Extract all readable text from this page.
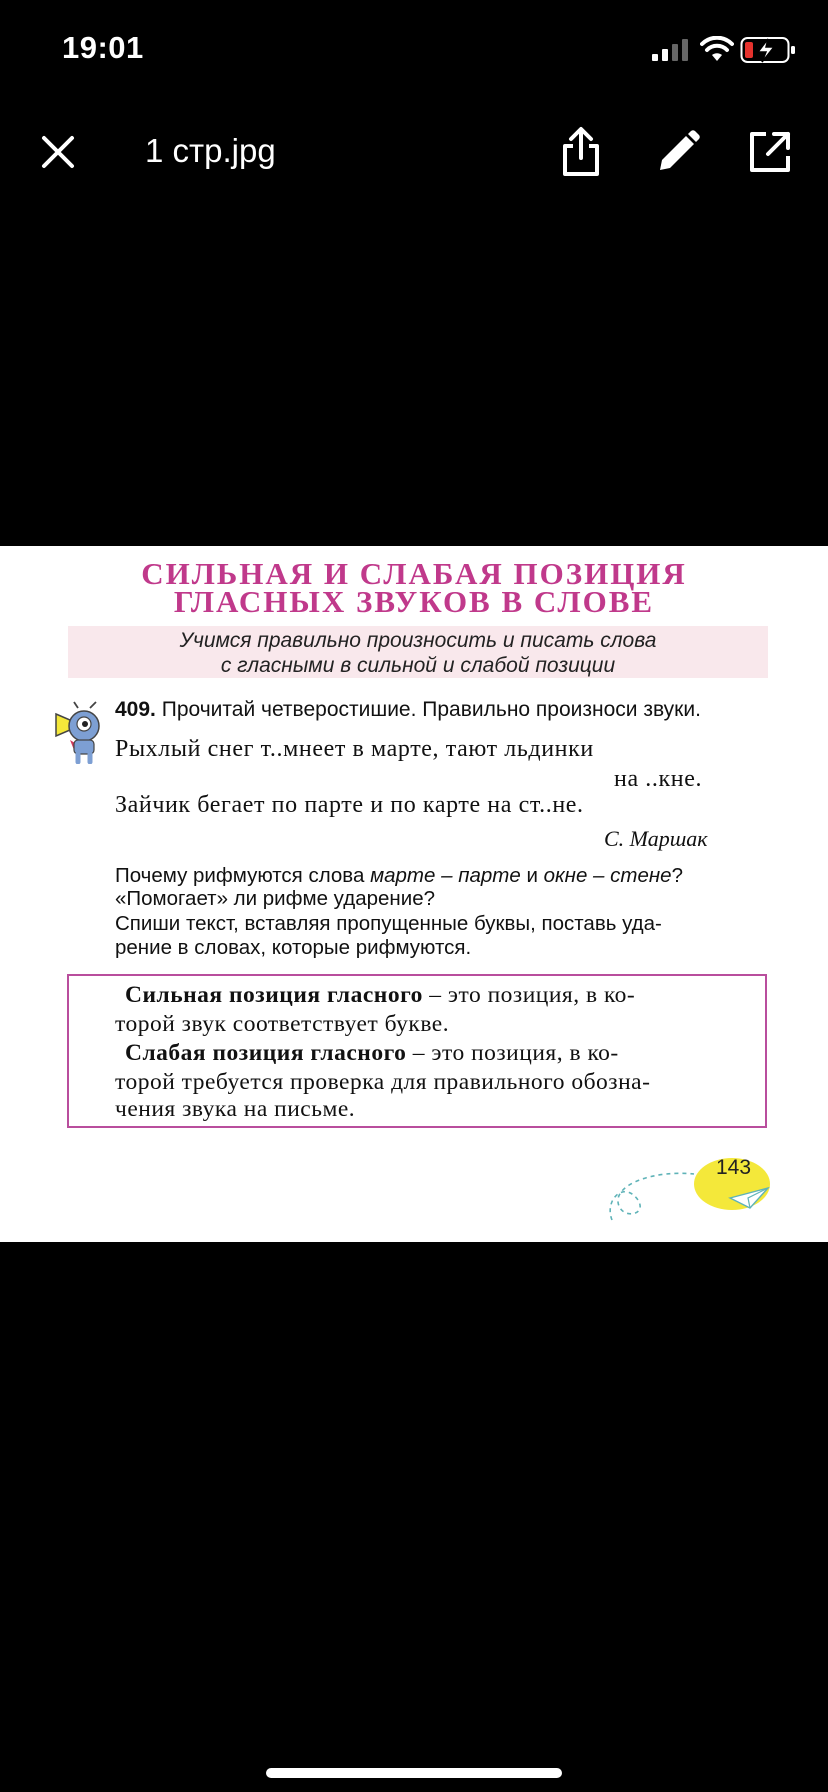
19:01
1 стр.jpg
СИЛЬНАЯ И СЛАБАЯ ПОЗИЦИЯ
ГЛАСНЫХ ЗВУКОВ В СЛОВЕ
Учимся правильно произносить и писать слова
с гласными в сильной и слабой позиции
409. Прочитай четверостишие. Правильно произноси звуки.
Рыхлый снег т..мнеет в марте, тают льдинки
на ..кне.
Зайчик бегает по парте и по карте на ст..не.
С. Маршак
Почему рифмуются слова марте – парте и окне – стене?
«Помогает» ли рифме ударение?
Спиши текст, вставляя пропущенные буквы, поставь уда-
рение в словах, которые рифмуются.
Сильная позиция гласного – это позиция, в ко-
торой звук соответствует букве.
Слабая позиция гласного – это позиция, в ко-
торой требуется проверка для правильного обозна-
чения звука на письме.
143
